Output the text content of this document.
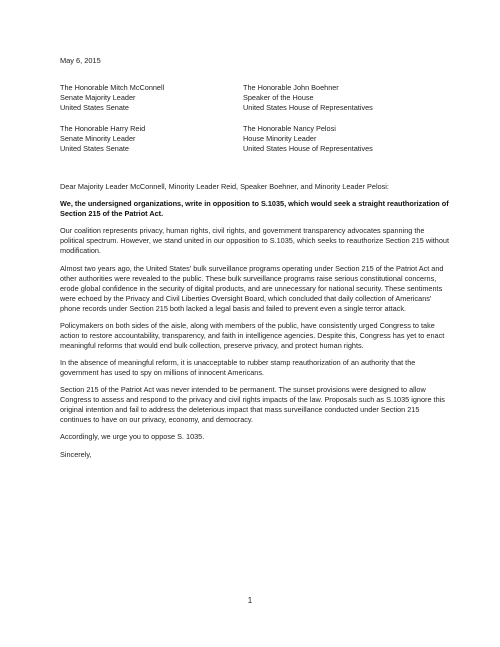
May 6, 2015
The Honorable Mitch McConnell
Senate Majority Leader
United States Senate
The Honorable John Boehner
Speaker of the House
United States House of Representatives
The Honorable Harry Reid
Senate Minority Leader
United States Senate
The Honorable Nancy Pelosi
House Minority Leader
United States House of Representatives

Dear Majority Leader McConnell, Minority Leader Reid, Speaker Boehner, and Minority Leader Pelosi:

We, the undersigned organizations, write in opposition to S.1035, which would seek a straight reauthorization of Section 215 of the Patriot Act.

Our coalition represents privacy, human rights, civil rights, and government transparency advocates spanning the political spectrum. However, we stand united in our opposition to S.1035, which seeks to reauthorize Section 215 without modification.

Almost two years ago, the United States' bulk surveillance programs operating under Section 215 of the Patriot Act and other authorities were revealed to the public. These bulk surveillance programs raise serious constitutional concerns, erode global confidence in the security of digital products, and are unnecessary for national security. These sentiments were echoed by the Privacy and Civil Liberties Oversight Board, which concluded that daily collection of Americans' phone records under Section 215 both lacked a legal basis and failed to prevent even a single terror attack.

Policymakers on both sides of the aisle, along with members of the public, have consistently urged Congress to take action to restore accountability, transparency, and faith in intelligence agencies. Despite this, Congress has yet to enact meaningful reforms that would end bulk collection, preserve privacy, and protect human rights.

In the absence of meaningful reform, it is unacceptable to rubber stamp reauthorization of an authority that the government has used to spy on millions of innocent Americans.

Section 215 of the Patriot Act was never intended to be permanent. The sunset provisions were designed to allow Congress to assess and respond to the privacy and civil rights impacts of the law. Proposals such as S.1035 ignore this original intention and fail to address the deleterious impact that mass surveillance conducted under Section 215 continues to have on our privacy, economy, and democracy.

Accordingly, we urge you to oppose S. 1035.

Sincerely,

1
